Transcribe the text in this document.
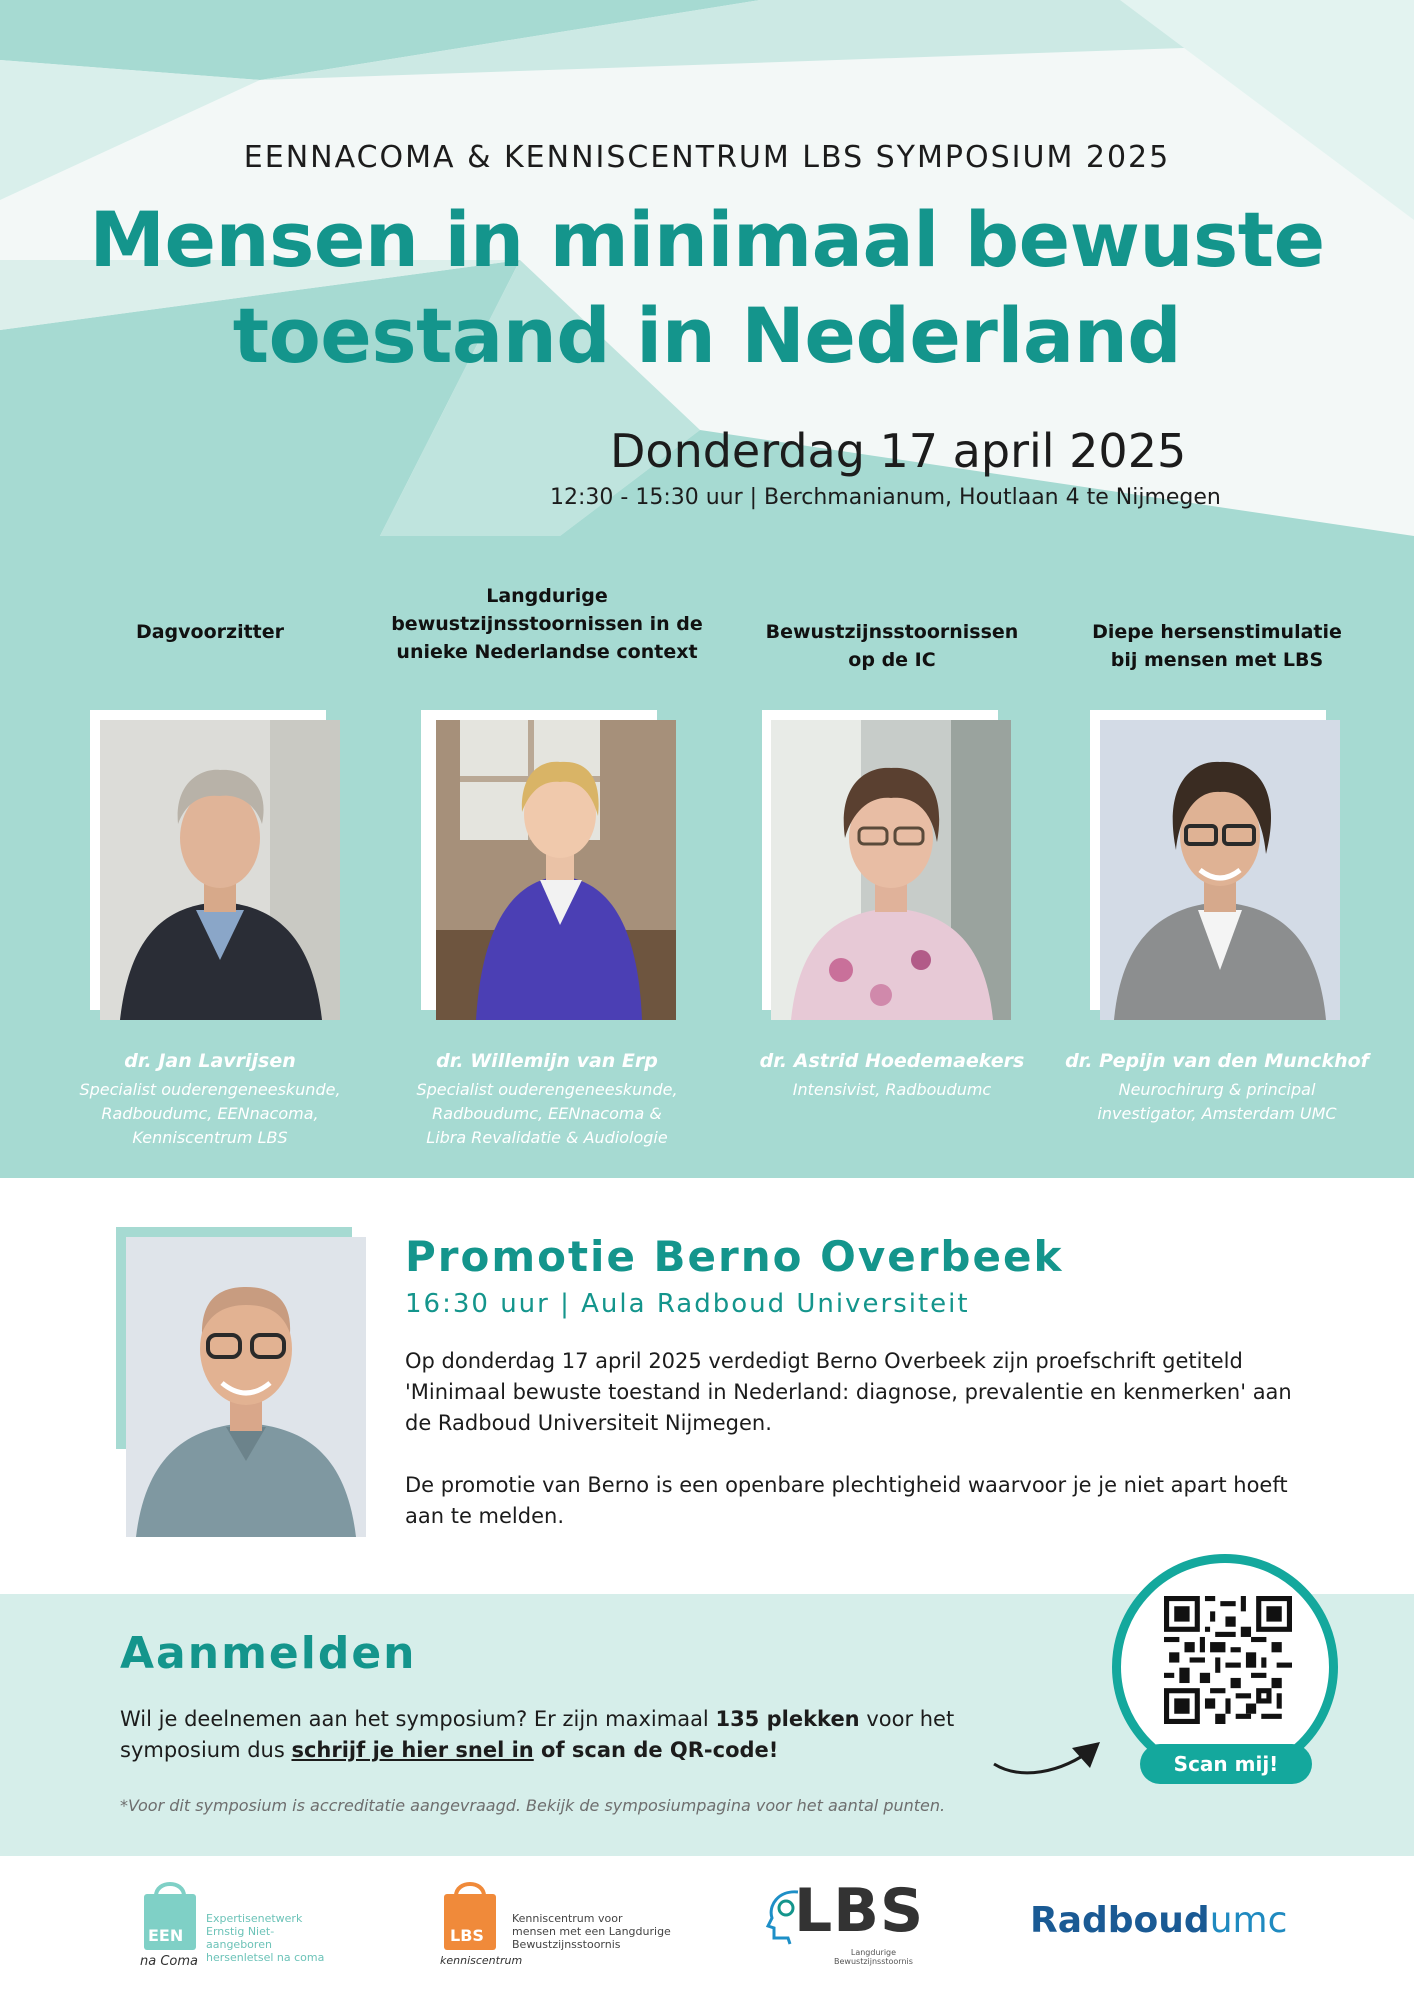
EENNACOMA & KENNISCENTRUM LBS SYMPOSIUM 2025
Mensen in minimaal bewuste
toestand in Nederland
Donderdag 17 april 2025
12:30 - 15:30 uur | Berchmanianum, Houtlaan 4 te Nijmegen
Dagvoorzitter
dr. Jan Lavrijsen
Specialist ouderengeneeskunde,
Radboudumc, EENnacoma,
Kenniscentrum LBS
Langdurige
bewustzijnsstoornissen in de
unieke Nederlandse context
dr. Willemijn van Erp
Specialist ouderengeneeskunde,
Radboudumc, EENnacoma &
Libra Revalidatie & Audiologie
Bewustzijnsstoornissen
op de IC
dr. Astrid Hoedemaekers
Intensivist, Radboudumc
Diepe hersenstimulatie
bij mensen met LBS
dr. Pepijn van den Munckhof
Neurochirurg & principal
investigator, Amsterdam UMC
Promotie Berno Overbeek
16:30 uur | Aula Radboud Universiteit

Op donderdag 17 april 2025 verdedigt Berno Overbeek zijn proefschrift getiteld 'Minimaal bewuste toestand in Nederland: diagnose, prevalentie en kenmerken' aan de Radboud Universiteit Nijmegen.

De promotie van Berno is een openbare plechtigheid waarvoor je je niet apart hoeft aan te melden.

Aanmelden
Wil je deelnemen aan het symposium? Er zijn maximaal 135 plekken voor het symposium dus schrijf je hier snel in of scan de QR-code!
*Voor dit symposium is accreditatie aangevraagd. Bekijk de symposiumpagina voor het aantal punten.
Scan mij!
EEN
na Coma
Expertisenetwerk
Ernstig Niet-aangeboren
hersenletsel na coma
LBS
kenniscentrum
Kenniscentrum voor
mensen met een Langdurige
Bewustzijnsstoornis	LBS
Langdurige
Bewustzijnsstoornis
Radboudumc
